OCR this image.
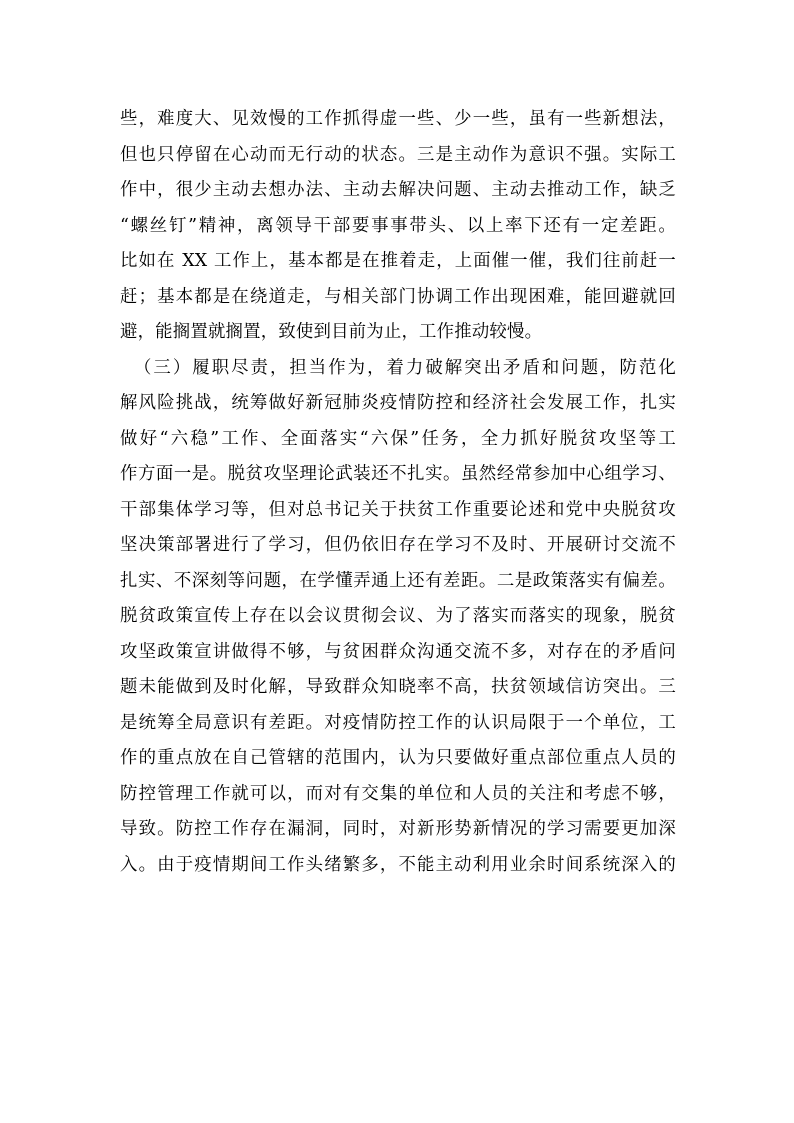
些，难度大、见效慢的工作抓得虚一些、少一些，虽有一些新想法，
但也只停留在心动而无行动的状态。三是主动作为意识不强。实际工
作中，很少主动去想办法、主动去解决问题、主动去推动工作，缺乏
“螺丝钉”精神，离领导干部要事事带头、以上率下还有一定差距。
比如在 XX 工作上，基本都是在推着走，上面催一催，我们往前赶一
赶；基本都是在绕道走，与相关部门协调工作出现困难，能回避就回
避，能搁置就搁置，致使到目前为止，工作推动较慢。
（三）履职尽责，担当作为，着力破解突出矛盾和问题，防范化
解风险挑战，统筹做好新冠肺炎疫情防控和经济社会发展工作，扎实
做好“六稳”工作、全面落实“六保”任务，全力抓好脱贫攻坚等工
作方面一是。脱贫攻坚理论武装还不扎实。虽然经常参加中心组学习、
干部集体学习等，但对总书记关于扶贫工作重要论述和党中央脱贫攻
坚决策部署进行了学习，但仍依旧存在学习不及时、开展研讨交流不
扎实、不深刻等问题，在学懂弄通上还有差距。二是政策落实有偏差。
脱贫政策宣传上存在以会议贯彻会议、为了落实而落实的现象，脱贫
攻坚政策宣讲做得不够，与贫困群众沟通交流不多，对存在的矛盾问
题未能做到及时化解，导致群众知晓率不高，扶贫领域信访突出。三
是统筹全局意识有差距。对疫情防控工作的认识局限于一个单位，工
作的重点放在自己管辖的范围内，认为只要做好重点部位重点人员的
防控管理工作就可以，而对有交集的单位和人员的关注和考虑不够，
导致。防控工作存在漏洞，同时，对新形势新情况的学习需要更加深
入。由于疫情期间工作头绪繁多，不能主动利用业余时间系统深入的
